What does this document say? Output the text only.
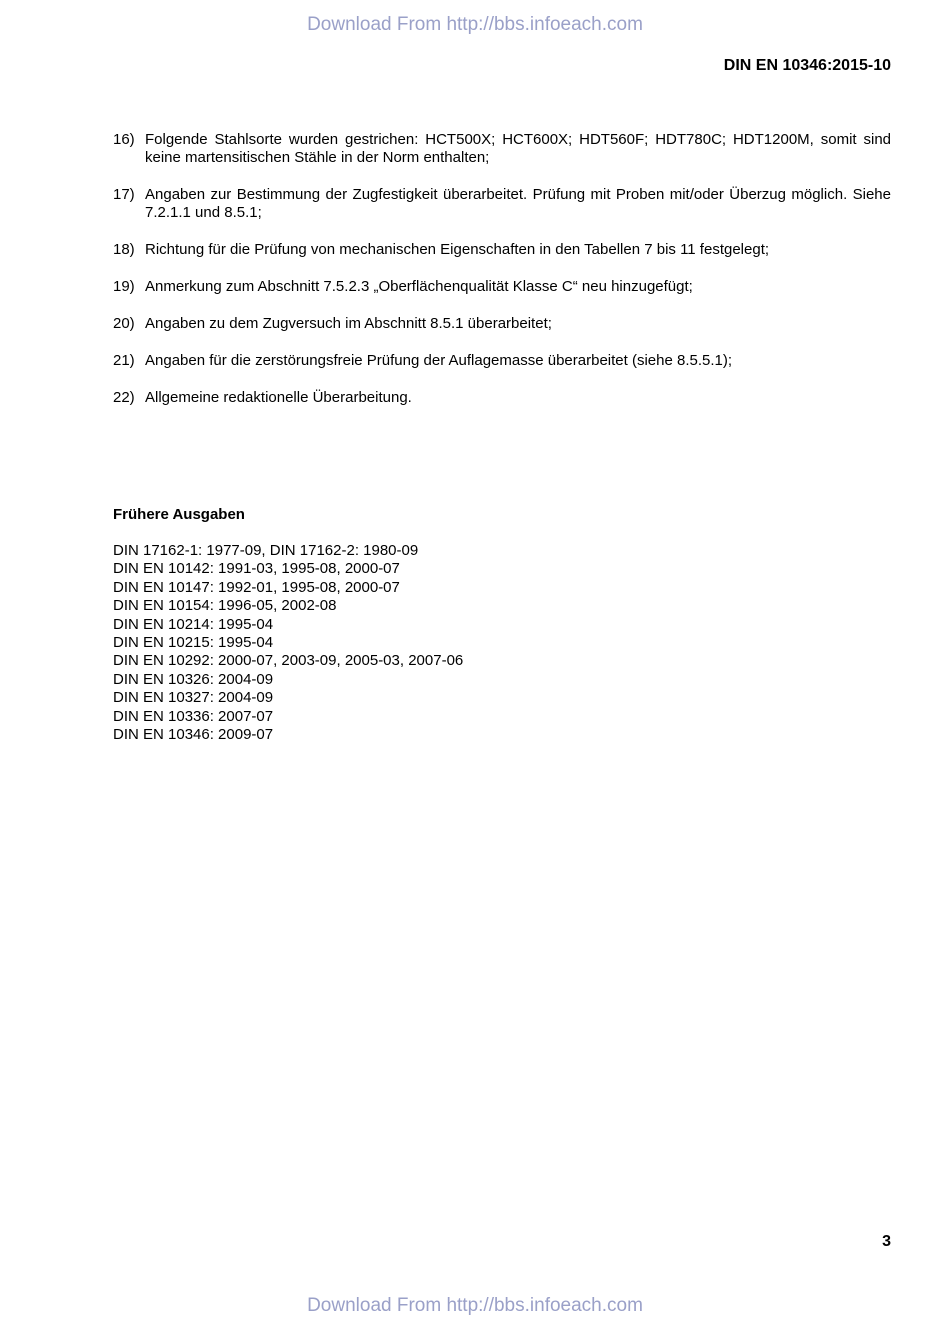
Download From http://bbs.infoeach.com
DIN EN 10346:2015-10
16) Folgende Stahlsorte wurden gestrichen: HCT500X; HCT600X; HDT560F; HDT780C; HDT1200M, somit sind keine martensitischen Stähle in der Norm enthalten;
17) Angaben zur Bestimmung der Zugfestigkeit überarbeitet. Prüfung mit Proben mit/oder Überzug möglich. Siehe 7.2.1.1 und 8.5.1;
18) Richtung für die Prüfung von mechanischen Eigenschaften in den Tabellen 7 bis 11 festgelegt;
19) Anmerkung zum Abschnitt 7.5.2.3 „Oberflächenqualität Klasse C“ neu hinzugefügt;
20) Angaben zu dem Zugversuch im Abschnitt 8.5.1 überarbeitet;
21) Angaben für die zerstörungsfreie Prüfung der Auflagemasse überarbeitet (siehe 8.5.5.1);
22) Allgemeine redaktionelle Überarbeitung.
Frühere Ausgaben
DIN 17162-1: 1977-09, DIN 17162-2: 1980-09
DIN EN 10142: 1991-03, 1995-08, 2000-07
DIN EN 10147: 1992-01, 1995-08, 2000-07
DIN EN 10154: 1996-05, 2002-08
DIN EN 10214: 1995-04
DIN EN 10215: 1995-04
DIN EN 10292: 2000-07, 2003-09, 2005-03, 2007-06
DIN EN 10326: 2004-09
DIN EN 10327: 2004-09
DIN EN 10336: 2007-07
DIN EN 10346: 2009-07
3
Download From http://bbs.infoeach.com
